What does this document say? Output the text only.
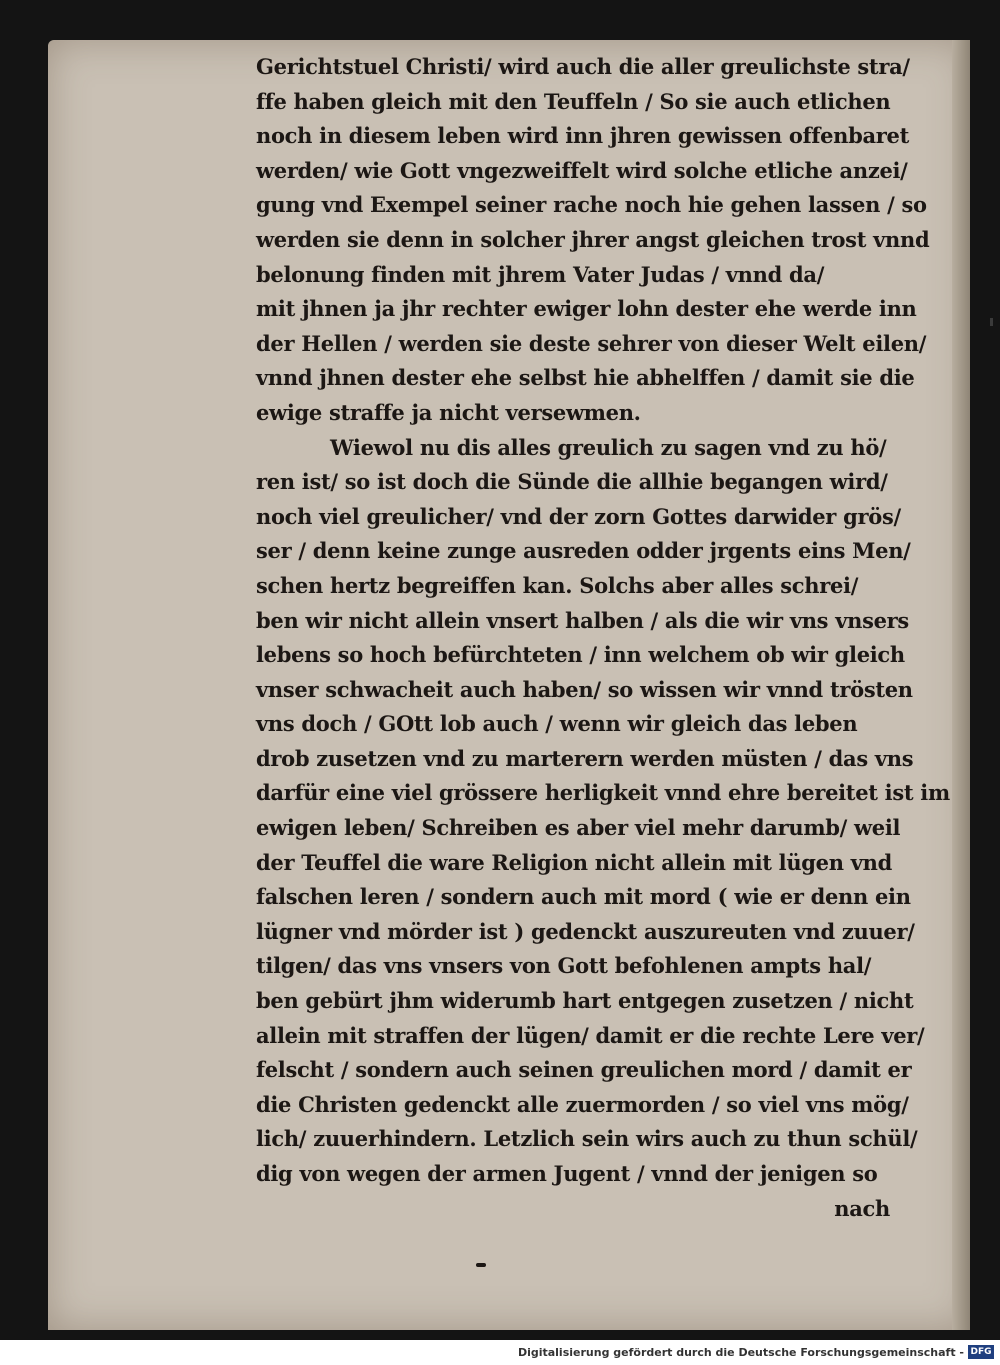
Gerichtstuel Christi/ wird auch die aller greulichste stra/
ffe haben gleich mit den Teuffeln / So sie auch etlichen
noch in diesem leben wird inn jhren gewissen offenbaret
werden/ wie Gott vngezweiffelt wird solche etliche anzei/
gung vnd Exempel seiner rache noch hie gehen lassen / so
werden sie denn in solcher jhrer angst gleichen trost vnnd
belonung finden mit jhrem Vater Judas / vnnd da/
mit jhnen ja jhr rechter ewiger lohn dester ehe werde inn
der Hellen / werden sie deste sehrer von dieser Welt eilen/
vnnd jhnen dester ehe selbst hie abhelffen / damit sie die
ewige straffe ja nicht versewmen.
Wiewol nu dis alles greulich zu sagen vnd zu hö/
ren ist/ so ist doch die Sünde die allhie begangen wird/
noch viel greulicher/ vnd der zorn Gottes darwider grös/
ser / denn keine zunge ausreden odder jrgents eins Men/
schen hertz begreiffen kan. Solchs aber alles schrei/
ben wir nicht allein vnsert halben / als die wir vns vnsers
lebens so hoch befürchteten / inn welchem ob wir gleich
vnser schwacheit auch haben/ so wissen wir vnnd trösten
vns doch / GOtt lob auch / wenn wir gleich das leben
drob zusetzen vnd zu marterern werden müsten / das vns
darfür eine viel grössere herligkeit vnnd ehre bereitet ist im
ewigen leben/ Schreiben es aber viel mehr darumb/ weil
der Teuffel die ware Religion nicht allein mit lügen vnd
falschen leren / sondern auch mit mord ( wie er denn ein
lügner vnd mörder ist ) gedenckt auszureuten vnd zuuer/
tilgen/ das vns vnsers von Gott befohlenen ampts hal/
ben gebürt jhm widerumb hart entgegen zusetzen / nicht
allein mit straffen der lügen/ damit er die rechte Lere ver/
felscht / sondern auch seinen greulichen mord / damit er
die Christen gedenckt alle zuermorden / so viel vns mög/
lich/ zuuerhindern. Letzlich sein wirs auch zu thun schül/
dig von wegen der armen Jugent / vnnd der jenigen so
nach
Digitalisierung gefördert durch die Deutsche Forschungsgemeinschaft - DFG
